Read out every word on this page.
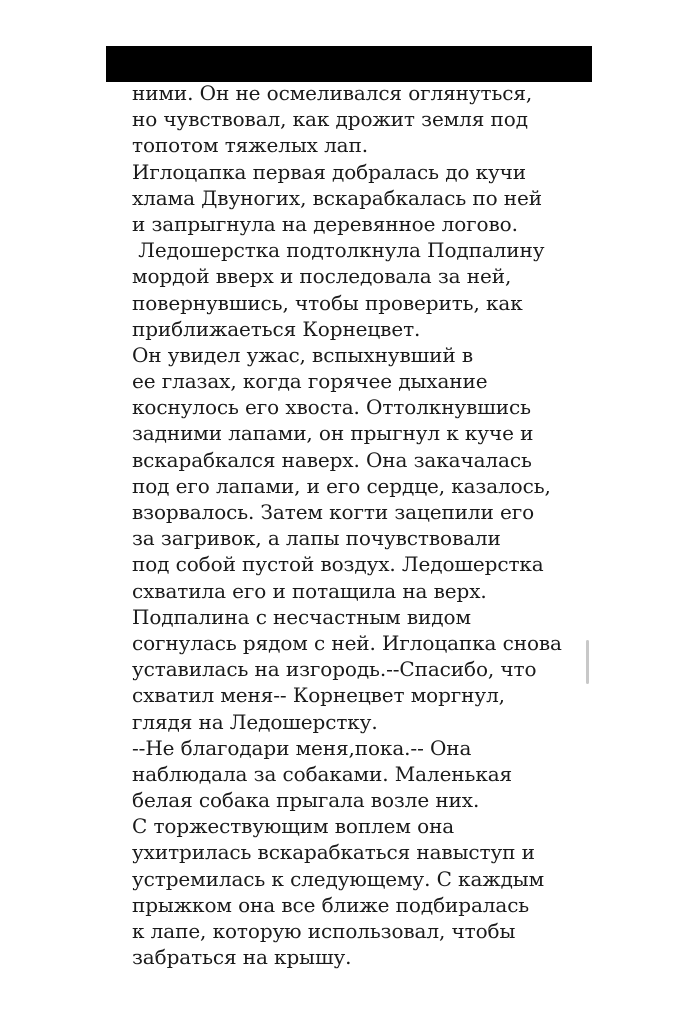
ними. Он не осмеливался оглянуться,
но чувствовал, как дрожит земля под
топотом тяжелых лап.
Иглоцапка первая добралась до кучи
хлама Двуногих, вскарабкалась по ней
и запрыгнула на деревянное логово.
Ледошерстка подтолкнула Подпалину
мордой вверх и последовала за ней,
повернувшись, чтобы проверить, как
приближаеться Корнецвет.
Он увидел ужас, вспыхнувший в
ее глазах, когда горячее дыхание
коснулось его хвоста. Оттолкнувшись
задними лапами, он прыгнул к куче и
вскарабкался наверх. Она закачалась
под его лапами, и его сердце, казалось,
взорвалось. Затем когти зацепили его
за загривок, а лапы почувствовали
под собой пустой воздух. Ледошерстка
схватила его и потащила на верх.
Подпалина с несчастным видом
согнулась рядом с ней. Иглоцапка снова
уставилась на изгородь.--Спасибо, что
схватил меня-- Корнецвет моргнул,
глядя на Ледошерстку.
--Не благодари меня,пока.-- Она
наблюдала за собаками. Маленькая
белая собака прыгала возле них.
С торжествующим воплем она
ухитрилась вскарабкаться навыступ и
устремилась к следующему. С каждым
прыжком она все ближе подбиралась
к лапе, которую использовал, чтобы
забраться на крышу.
